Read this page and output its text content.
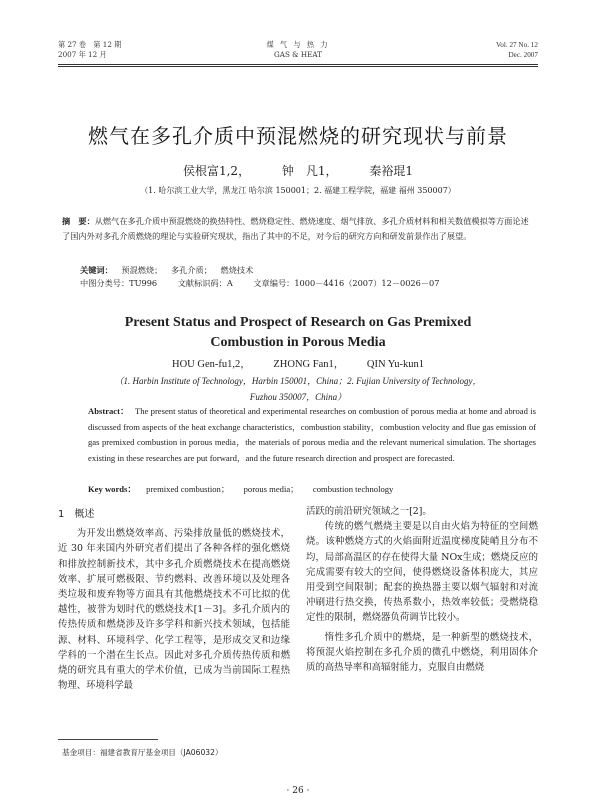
第 27 卷　第 12 期
2007 年 12 月
煤 气 与 热 力
GAS & HEAT
Vol. 27 No. 12
Dec. 2007
燃气在多孔介质中预混燃烧的研究现状与前景
侯根富1,2，	钟　凡1，	秦裕琨1
（1. 哈尔滨工业大学，黑龙江 哈尔滨 150001；2. 福建工程学院，福建 福州 350007）
摘　要：从燃气在多孔介质中预混燃烧的换热特性、燃烧稳定性、燃烧速度、烟气排放、多孔介质材料和相关数值模拟等方面论述了国内外对多孔介质燃烧的理论与实验研究现状，指出了其中的不足，对今后的研究方向和研发前景作出了展望。
关键词： 预混燃烧； 多孔介质； 燃烧技术
中图分类号：TU996	文献标识码：A	文章编号：1000－4416（2007）12－0026－07
Present Status and Prospect of Research on Gas Premixed
Combustion in Porous Media
HOU Gen-fu1,2， ZHONG Fan1， QIN Yu-kun1
（1. Harbin Institute of Technology，Harbin 150001，China；2. Fujian University of Technology，
Fuzhou 350007，China）
Abstract： The present status of theoretical and experimental researches on combustion of porous media at home and abroad is discussed from aspects of the heat exchange characteristics，combustion stability，combustion velocity and flue gas emission of gas premixed combustion in porous media，the materials of porous media and the relevant numerical simulation. The shortages existing in these researches are put forward，and the future research direction and prospect are forecasted.
Key words： premixed combustion； porous media； combustion technology
1　概述

为开发出燃烧效率高、污染排放量低的燃烧技术，近 30 年来国内外研究者们提出了各种各样的强化燃烧和排放控制新技术，其中多孔介质燃烧技术在提高燃烧效率、扩展可燃极限、节约燃料、改善环境以及处理各类垃圾和废弃物等方面具有其他燃烧技术不可比拟的优越性，被誉为划时代的燃烧技术[1－3]。多孔介质内的传热传质和燃烧涉及许多学科和新兴技术领域，包括能源、材料、环境科学、化学工程等，是形成交叉和边缘学科的一个潜在生长点。因此对多孔介质传热传质和燃烧的研究具有重大的学术价值，已成为当前国际工程热物理、环境科学最

活跃的前沿研究领域之一[2]。

传统的燃气燃烧主要是以自由火焰为特征的空间燃烧。该种燃烧方式的火焰面附近温度梯度陡峭且分布不均，局部高温区的存在使得大量 NOx生成；燃烧反应的完成需要有较大的空间，使得燃烧设备体积庞大，其应用受到空间限制；配套的换热器主要以烟气辐射和对流冲刷进行热交换，传热系数小，热效率较低；受燃烧稳定性的限制，燃烧器负荷调节比较小。

惰性多孔介质中的燃烧，是一种新型的燃烧技术，将预混火焰控制在多孔介质的微孔中燃烧，利用固体介质的高热导率和高辐射能力，克服自由燃烧

基金项目：福建省教育厅基金项目（JA06032）
· 26 ·
